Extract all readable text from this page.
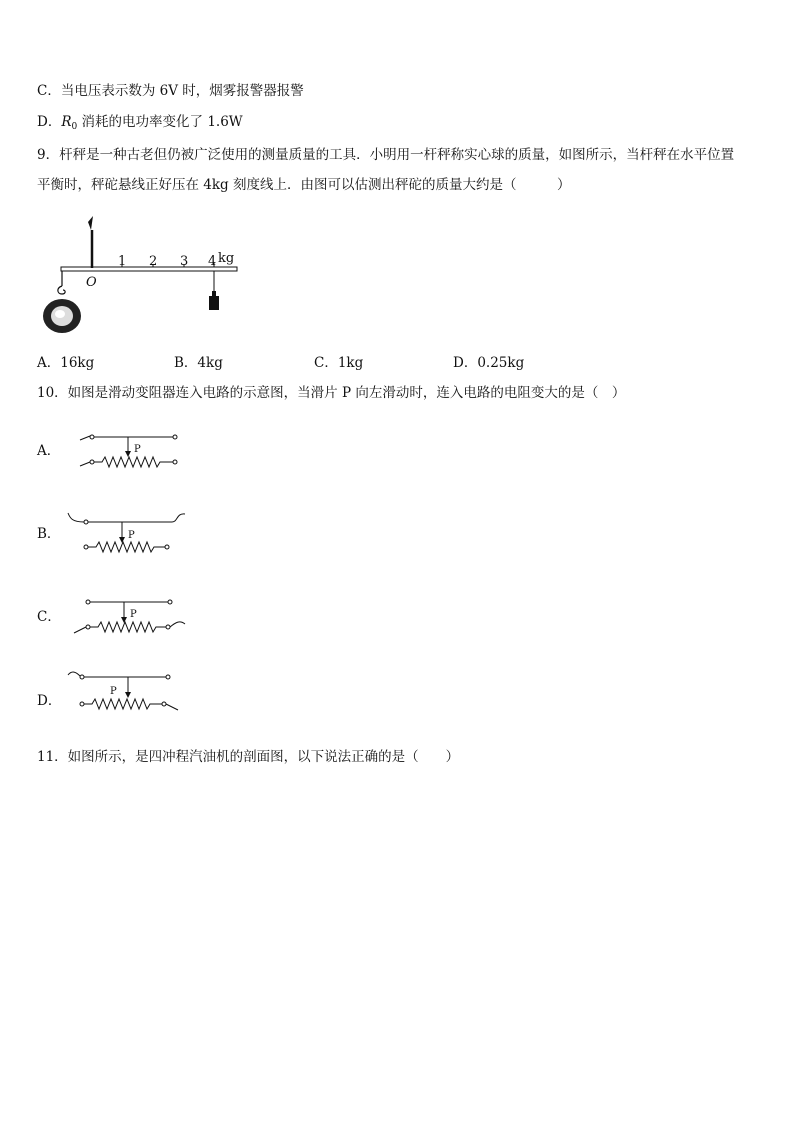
C．当电压表示数为 6V 时，烟雾报警器报警
D．$R_0$ 消耗的电功率变化了 1.6W
9．杆秤是一种古老但仍被广泛使用的测量质量的工具．小明用一杆秤称实心球的质量，如图所示，当杆秤在水平位置
平衡时，秤砣悬线正好压在 4kg 刻度线上．由图可以估测出秤砣的质量大约是（　　　）
1 2 3 4 kg
O
A．16kg	B．4kg	C．1kg	D．0.25kg
10．如图是滑动变阻器连入电路的示意图，当滑片 P 向左滑动时，连入电路的电阻变大的是（　）
A．	P
B．	P
C．	P
D．
P
11．如图所示，是四冲程汽油机的剖面图，以下说法正确的是（　　）
